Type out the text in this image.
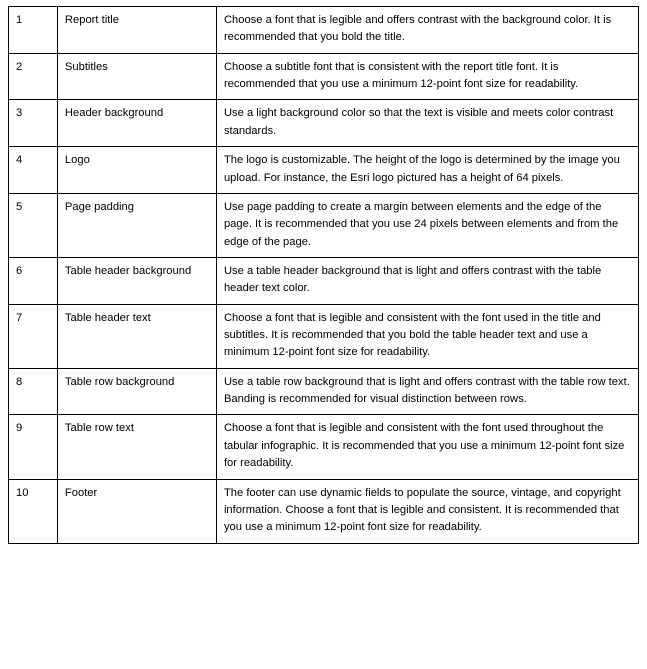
1	Report title	Choose a font that is legible and offers contrast with the background color. It is recommended that you bold the title.
2	Subtitles	Choose a subtitle font that is consistent with the report title font. It is recommended that you use a minimum 12-point font size for readability.
3	Header background	Use a light background color so that the text is visible and meets color contrast standards.
4	Logo	The logo is customizable. The height of the logo is determined by the image you upload. For instance, the Esri logo pictured has a height of 64 pixels.
5	Page padding	Use page padding to create a margin between elements and the edge of the page. It is recommended that you use 24 pixels between elements and from the edge of the page.
6	Table header background	Use a table header background that is light and offers contrast with the table header text color.
7	Table header text	Choose a font that is legible and consistent with the font used in the title and subtitles. It is recommended that you bold the table header text and use a minimum 12-point font size for readability.
8	Table row background	Use a table row background that is light and offers contrast with the table row text. Banding is recommended for visual distinction between rows.
9	Table row text	Choose a font that is legible and consistent with the font used throughout the tabular infographic. It is recommended that you use a minimum 12-point font size for readability.
10	Footer	The footer can use dynamic fields to populate the source, vintage, and copyright information. Choose a font that is legible and consistent. It is recommended that you use a minimum 12-point font size for readability.
